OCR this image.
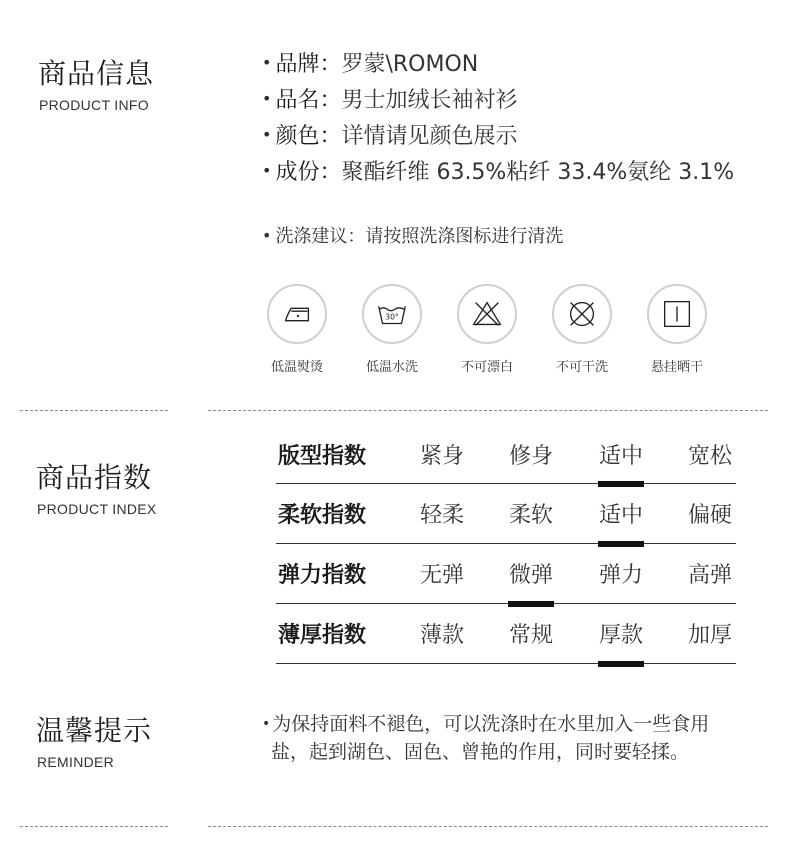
商品信息
PRODUCT INFO
• 品牌： 罗蒙\ROMON
• 品名： 男士加绒长袖衬衫
• 颜色： 详情请见颜色展示
• 成份： 聚酯纤维 63.5%粘纤 33.4%氨纶 3.1%
• 洗涤建议：请按照洗涤图标进行清洗
低温熨烫
30°
低温水洗	不可漂白	不可干洗	悬挂晒干
商品指数
PRODUCT INDEX
版型指数	紧身	修身	适中	宽松
柔软指数	轻柔	柔软	适中	偏硬
弹力指数	无弹	微弹	弹力	高弹
薄厚指数	薄款	常规	厚款	加厚
温馨提示
REMINDER
• 为保持面料不褪色，可以洗涤时在水里加入一些食用
盐，起到湖色、固色、曾艳的作用，同时要轻揉。
